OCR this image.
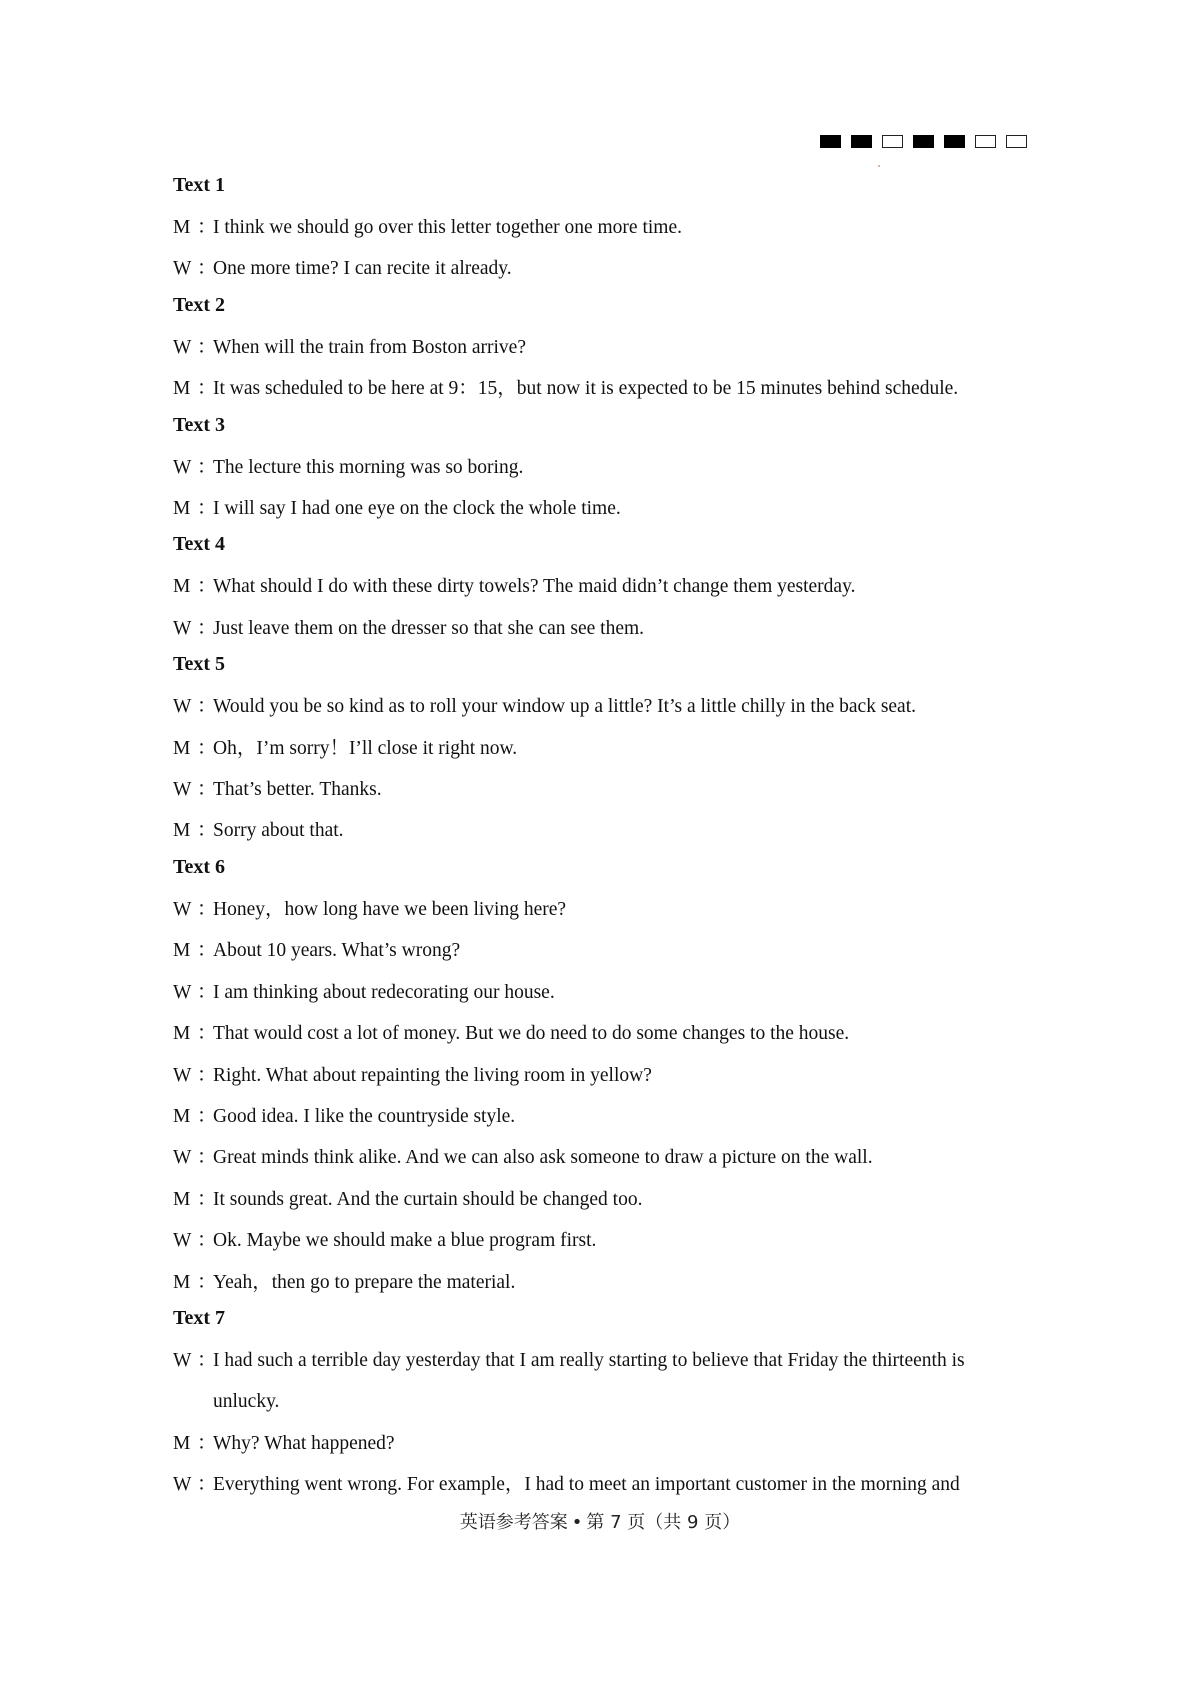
Text 1
M ：
I think we should go over this letter together one more time.
W ：
One more time? I can recite it already.
Text 2
W ：
When will the train from Boston arrive?
M ：
It was scheduled to be here at 9：15，but now it is expected to be 15 minutes behind schedule.
Text 3
W ：
The lecture this morning was so boring.
M ：
I will say I had one eye on the clock the whole time.
Text 4
M ：
What should I do with these dirty towels? The maid didn’t change them yesterday.
W ：
Just leave them on the dresser so that she can see them.
Text 5
W ：
Would you be so kind as to roll your window up a little? It’s a little chilly in the back seat.
M ：
Oh，I’m sorry！I’ll close it right now.
W ：
That’s better. Thanks.
M ：
Sorry about that.
Text 6
W ：
Honey，how long have we been living here?
M ：
About 10 years. What’s wrong?
W ：
I am thinking about redecorating our house.
M ：
That would cost a lot of money. But we do need to do some changes to the house.
W ：
Right. What about repainting the living room in yellow?
M ：
Good idea. I like the countryside style.
W ：
Great minds think alike. And we can also ask someone to draw a picture on the wall.
M ：
It sounds great. And the curtain should be changed too.
W ：
Ok. Maybe we should make a blue program first.
M ：
Yeah，then go to prepare the material.
Text 7
W ：
I had such a terrible day yesterday that I am really starting to believe that Friday the thirteenth is unlucky.
M ：
Why? What happened?
W ：
Everything went wrong. For example，I had to meet an important customer in the morning and
英语参考答案 • 第 7 页（共 9 页）
